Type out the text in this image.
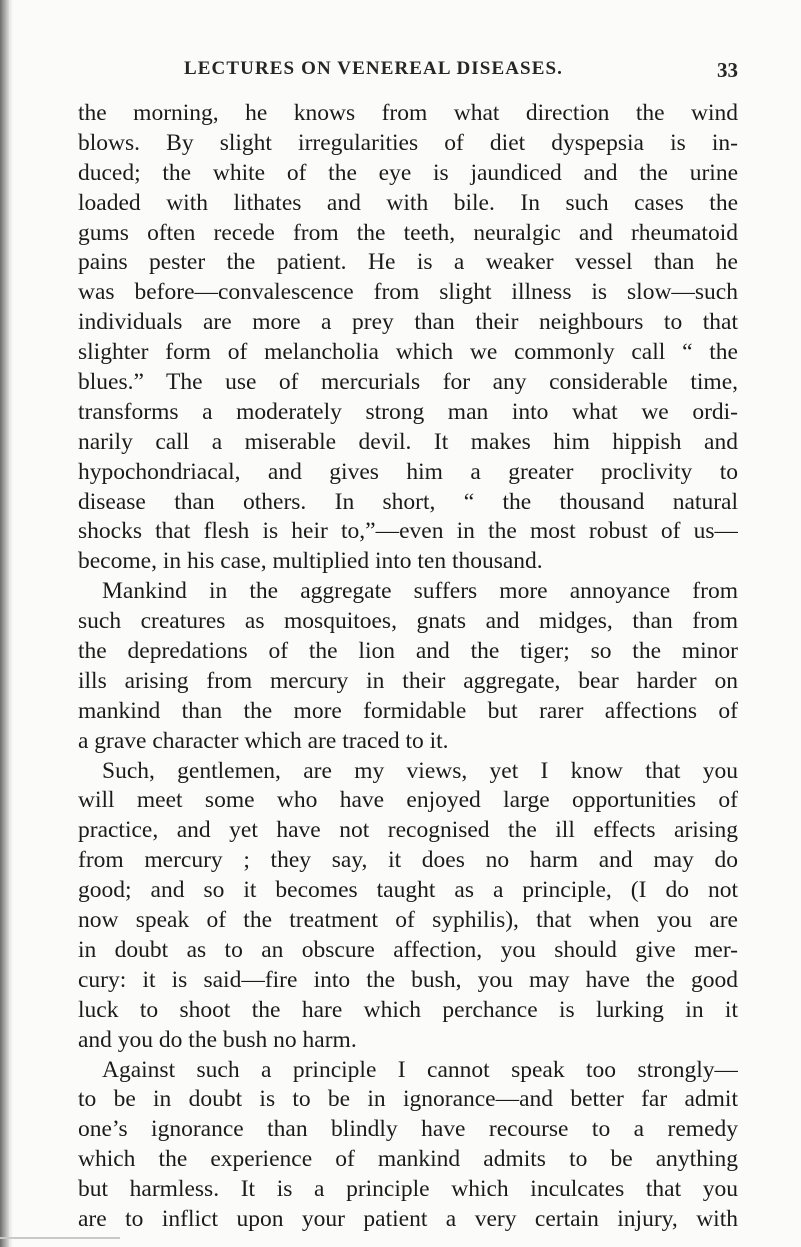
LECTURES ON VENEREAL DISEASES.	33
the morning, he knows from what direction the wind
blows. By slight irregularities of diet dyspepsia is in-
duced; the white of the eye is jaundiced and the urine
loaded with lithates and with bile. In such cases the
gums often recede from the teeth, neuralgic and rheumatoid
pains pester the patient. He is a weaker vessel than he
was before—convalescence from slight illness is slow—such
individuals are more a prey than their neighbours to that
slighter form of melancholia which we commonly call “ the
blues.” The use of mercurials for any considerable time,
transforms a moderately strong man into what we ordi-
narily call a miserable devil. It makes him hippish and
hypochondriacal, and gives him a greater proclivity to
disease than others. In short, “ the thousand natural
shocks that flesh is heir to,”—even in the most robust of us—
become, in his case, multiplied into ten thousand.
Mankind in the aggregate suffers more annoyance from
such creatures as mosquitoes, gnats and midges, than from
the depredations of the lion and the tiger; so the minor
ills arising from mercury in their aggregate, bear harder on
mankind than the more formidable but rarer affections of
a grave character which are traced to it.
Such, gentlemen, are my views, yet I know that you
will meet some who have enjoyed large opportunities of
practice, and yet have not recognised the ill effects arising
from mercury ; they say, it does no harm and may do
good; and so it becomes taught as a principle, (I do not
now speak of the treatment of syphilis), that when you are
in doubt as to an obscure affection, you should give mer-
cury: it is said—fire into the bush, you may have the good
luck to shoot the hare which perchance is lurking in it
and you do the bush no harm.
Against such a principle I cannot speak too strongly—
to be in doubt is to be in ignorance—and better far admit
one’s ignorance than blindly have recourse to a remedy
which the experience of mankind admits to be anything
but harmless. It is a principle which inculcates that you
are to inflict upon your patient a very certain injury, with
